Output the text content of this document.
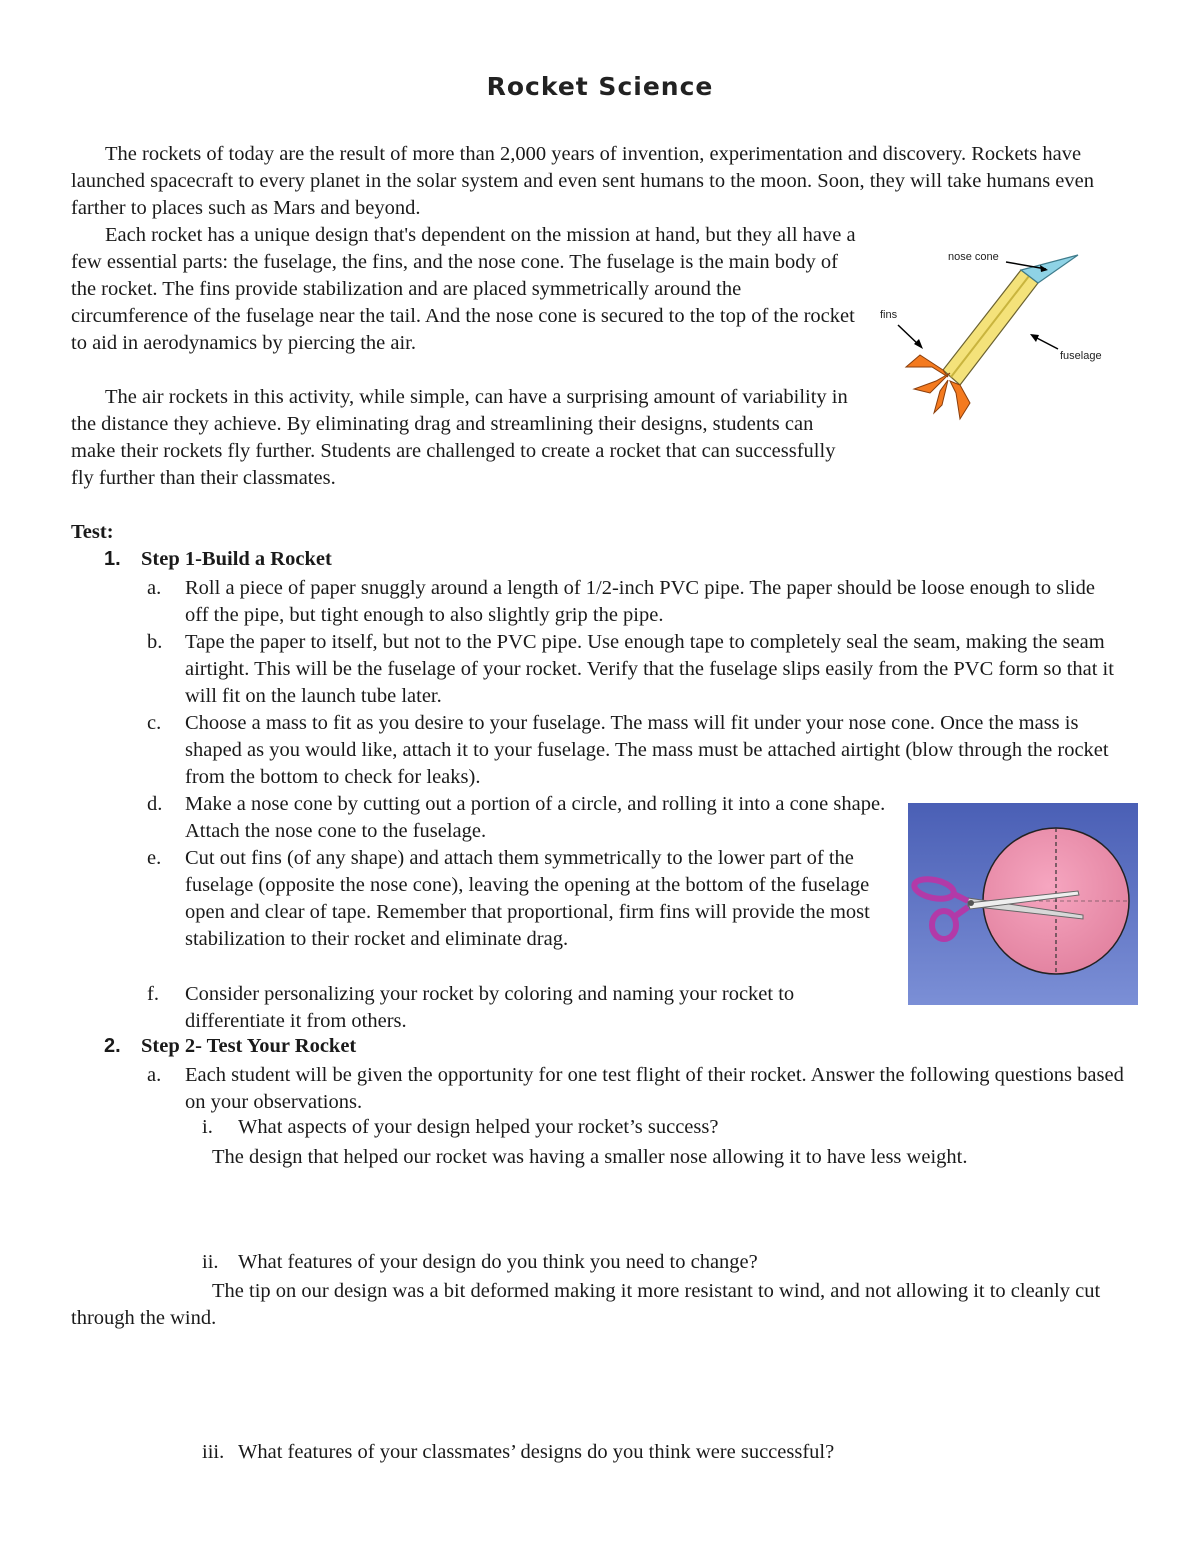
Rocket Science

The rockets of today are the result of more than 2,000 years of invention, experimentation and discovery. Rockets have launched spacecraft to every planet in the solar system and even sent humans to the moon. Soon, they will take humans even farther to places such as Mars and beyond.

Each rocket has a unique design that's dependent on the mission at hand, but they all have a few essential parts: the fuselage, the fins, and the nose cone. The fuselage is the main body of the rocket. The fins provide stabilization and are placed symmetrically around the circumference of the fuselage near the tail. And the nose cone is secured to the top of the rocket to aid in aerodynamics by piercing the air.

The air rockets in this activity, while simple, can have a surprising amount of variability in the distance they achieve. By eliminating drag and streamlining their designs, students can make their rockets fly further. Students are challenged to create a rocket that can successfully fly further than their classmates.

nose cone
fins
fuselage
Test:
1. Step 1-Build a Rocket
a.	Roll a piece of paper snuggly around a length of 1/2-inch PVC pipe. The paper should be loose enough to slide off the pipe, but tight enough to also slightly grip the pipe.
b.	Tape the paper to itself, but not to the PVC pipe. Use enough tape to completely seal the seam, making the seam airtight. This will be the fuselage of your rocket. Verify that the fuselage slips easily from the PVC form so that it will fit on the launch tube later.
c.	Choose a mass to fit as you desire to your fuselage. The mass will fit under your nose cone. Once the mass is shaped as you would like, attach it to your fuselage. The mass must be attached airtight (blow through the rocket from the bottom to check for leaks).
d.	Make a nose cone by cutting out a portion of a circle, and rolling it into a cone shape. Attach the nose cone to the fuselage.
e.	Cut out fins (of any shape) and attach them symmetrically to the lower part of the fuselage (opposite the nose cone), leaving the opening at the bottom of the fuselage open and clear of tape. Remember that proportional, firm fins will provide the most stabilization to their rocket and eliminate drag.
f.	Consider personalizing your rocket by coloring and naming your rocket to differentiate it from others.
2. Step 2- Test Your Rocket
a.	Each student will be given the opportunity for one test flight of their rocket. Answer the following questions based on your observations.
i. What aspects of your design helped your rocket’s success?
The design that helped our rocket was having a smaller nose allowing it to have less weight.
ii. What features of your design do you think you need to change?
The tip on our design was a bit deformed making it more resistant to wind, and not allowing it to cleanly cut through the wind.
iii. What features of your classmates’ designs do you think were successful?
